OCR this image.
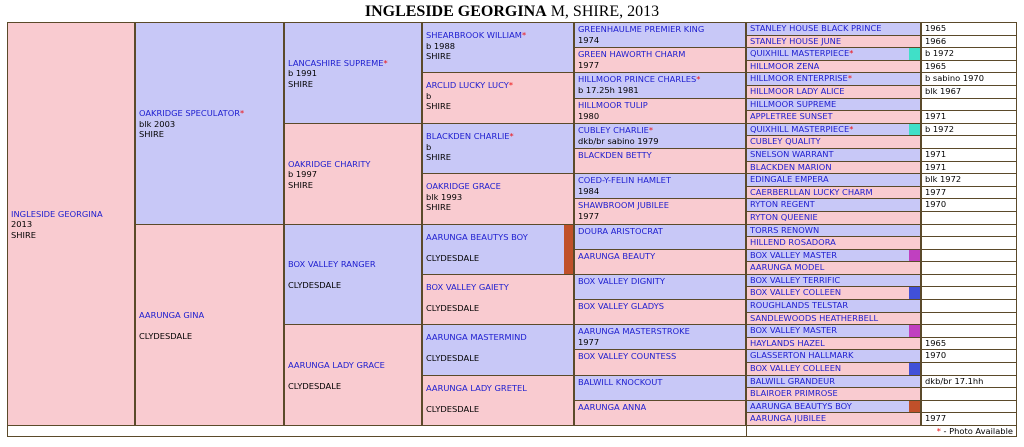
INGLESIDE GEORGINA M, SHIRE, 2013
INGLESIDE GEORGINA
2013
SHIRE
OAKRIDGE SPECULATOR*
blk 2003
SHIRE
AARUNGA GINA

CLYDESDALE
LANCASHIRE SUPREME*
b 1991
SHIRE
OAKRIDGE CHARITY
b 1997
SHIRE
BOX VALLEY RANGER

CLYDESDALE
AARUNGA LADY GRACE

CLYDESDALE
SHEARBROOK WILLIAM*
b 1988
SHIRE
ARCLID LUCKY LUCY*
b
SHIRE
BLACKDEN CHARLIE*
b
SHIRE
OAKRIDGE GRACE
blk 1993
SHIRE
AARUNGA BEAUTYS BOY

CLYDESDALE
BOX VALLEY GAIETY

CLYDESDALE
AARUNGA MASTERMIND

CLYDESDALE
AARUNGA LADY GRETEL

CLYDESDALE
GREENHAULME PREMIER KING
1974
GREEN HAWORTH CHARM
1977
HILLMOOR PRINCE CHARLES*
b 17.25h 1981
HILLMOOR TULIP
1980
CUBLEY CHARLIE*
dkb/br sabino 1979
BLACKDEN BETTY
COED-Y-FELIN HAMLET
1984
SHAWBROOM JUBILEE
1977
DOURA ARISTOCRAT
AARUNGA BEAUTY
BOX VALLEY DIGNITY
BOX VALLEY GLADYS
AARUNGA MASTERSTROKE
1977
BOX VALLEY COUNTESS
BALWILL KNOCKOUT
AARUNGA ANNA
STANLEY HOUSE BLACK PRINCE	1965
STANLEY HOUSE JUNE	1966
QUIXHILL MASTERPIECE*	b 1972
HILLMOOR ZENA	1965
HILLMOOR ENTERPRISE*	b sabino 1970
HILLMOOR LADY ALICE	blk 1967
HILLMOOR SUPREME
APPLETREE SUNSET	1971
QUIXHILL MASTERPIECE*	b 1972
CUBLEY QUALITY
SNELSON WARRANT	1971
BLACKDEN MARION	1971
EDINGALE EMPERA	blk 1972
CAERBERLLAN LUCKY CHARM	1977
RYTON REGENT	1970
RYTON QUEENIE
TORRS RENOWN
HILLEND ROSADORA
BOX VALLEY MASTER
AARUNGA MODEL
BOX VALLEY TERRIFIC
BOX VALLEY COLLEEN
ROUGHLANDS TELSTAR
SANDLEWOODS HEATHERBELL
BOX VALLEY MASTER
HAYLANDS HAZEL	1965
GLASSERTON HALLMARK	1970
BOX VALLEY COLLEEN
BALWILL GRANDEUR	dkb/br 17.1hh
BLAIROER PRIMROSE
AARUNGA BEAUTYS BOY
AARUNGA JUBILEE	1977
* - Photo Available
